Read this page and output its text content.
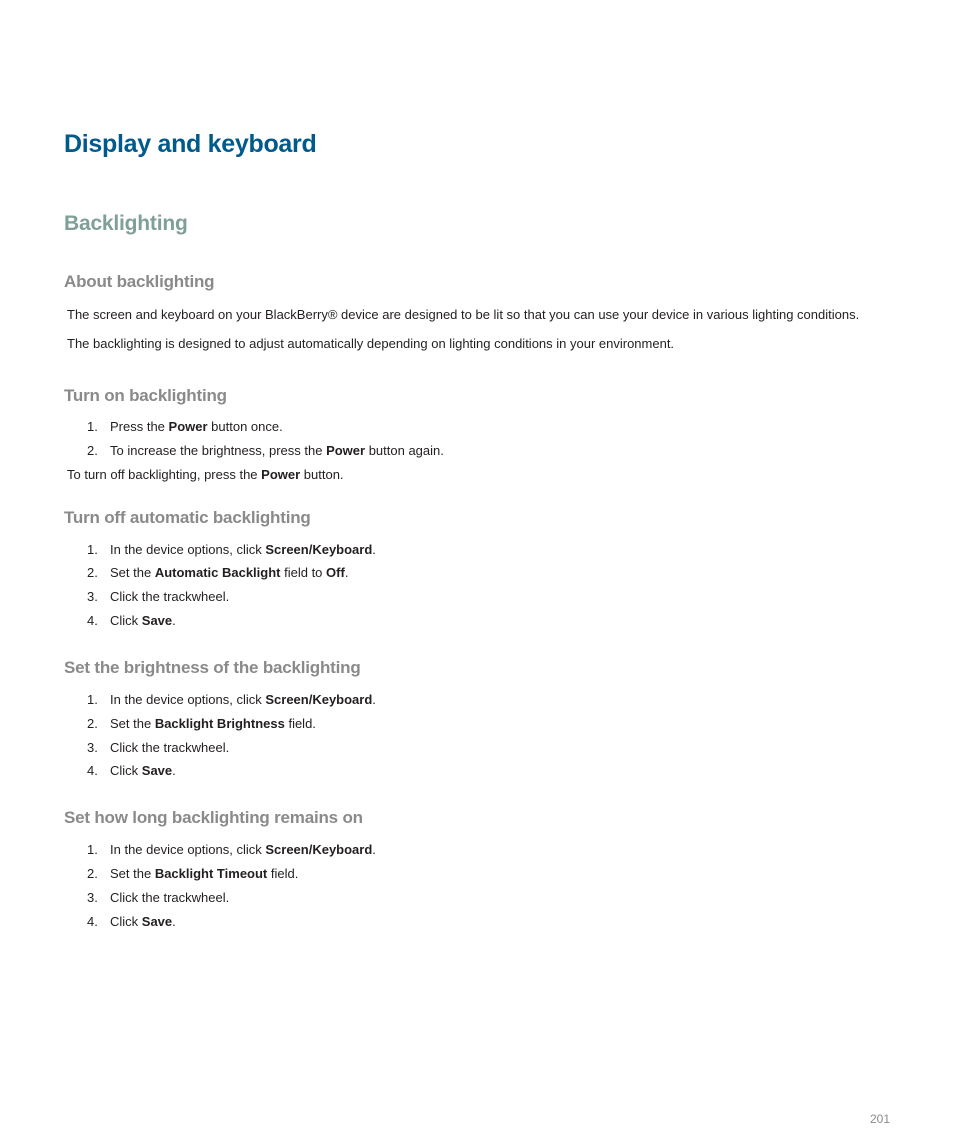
Display and keyboard
Backlighting
About backlighting
The screen and keyboard on your BlackBerry® device are designed to be lit so that you can use your device in various lighting conditions.
The backlighting is designed to adjust automatically depending on lighting conditions in your environment.
Turn on backlighting
1. Press the Power button once.
2. To increase the brightness, press the Power button again.
To turn off backlighting, press the Power button.
Turn off automatic backlighting
1. In the device options, click Screen/Keyboard.
2. Set the Automatic Backlight field to Off.
3. Click the trackwheel.
4. Click Save.
Set the brightness of the backlighting
1. In the device options, click Screen/Keyboard.
2. Set the Backlight Brightness field.
3. Click the trackwheel.
4. Click Save.
Set how long backlighting remains on
1. In the device options, click Screen/Keyboard.
2. Set the Backlight Timeout field.
3. Click the trackwheel.
4. Click Save.
201
